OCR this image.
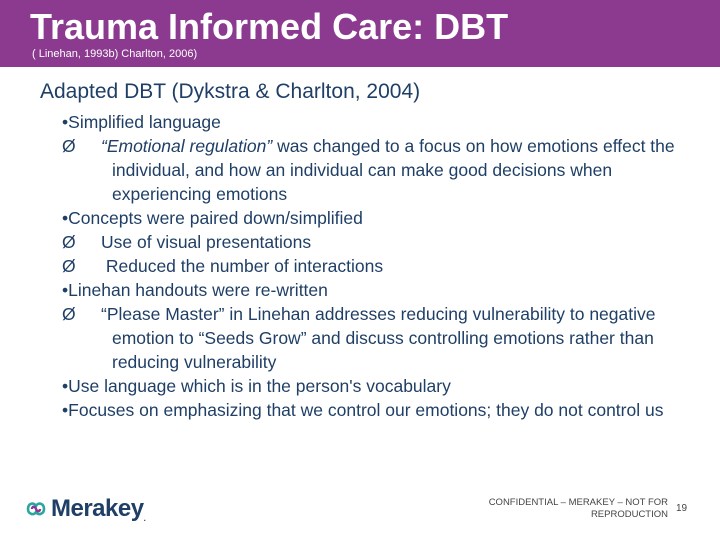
Trauma Informed Care: DBT
( Linehan, 1993b) Charlton, 2006)
Adapted DBT (Dykstra & Charlton, 2004)

•Simplified language

Ø “Emotional regulation” was changed to a focus on how emotions effect the individual, and how an individual can make good decisions when experiencing emotions

•Concepts were paired down/simplified

Ø Use of visual presentations

Ø Reduced the number of interactions

•Linehan handouts were re-written

Ø “Please Master” in Linehan addresses reducing vulnerability to negative emotion to “Seeds Grow” and discuss controlling emotions rather than reducing vulnerability

•Use language which is in the person's vocabulary

•Focuses on emphasizing that we control our emotions; they do not control us

Merakey.
CONFIDENTIAL – MERAKEY – NOT FOR
REPRODUCTION
19
